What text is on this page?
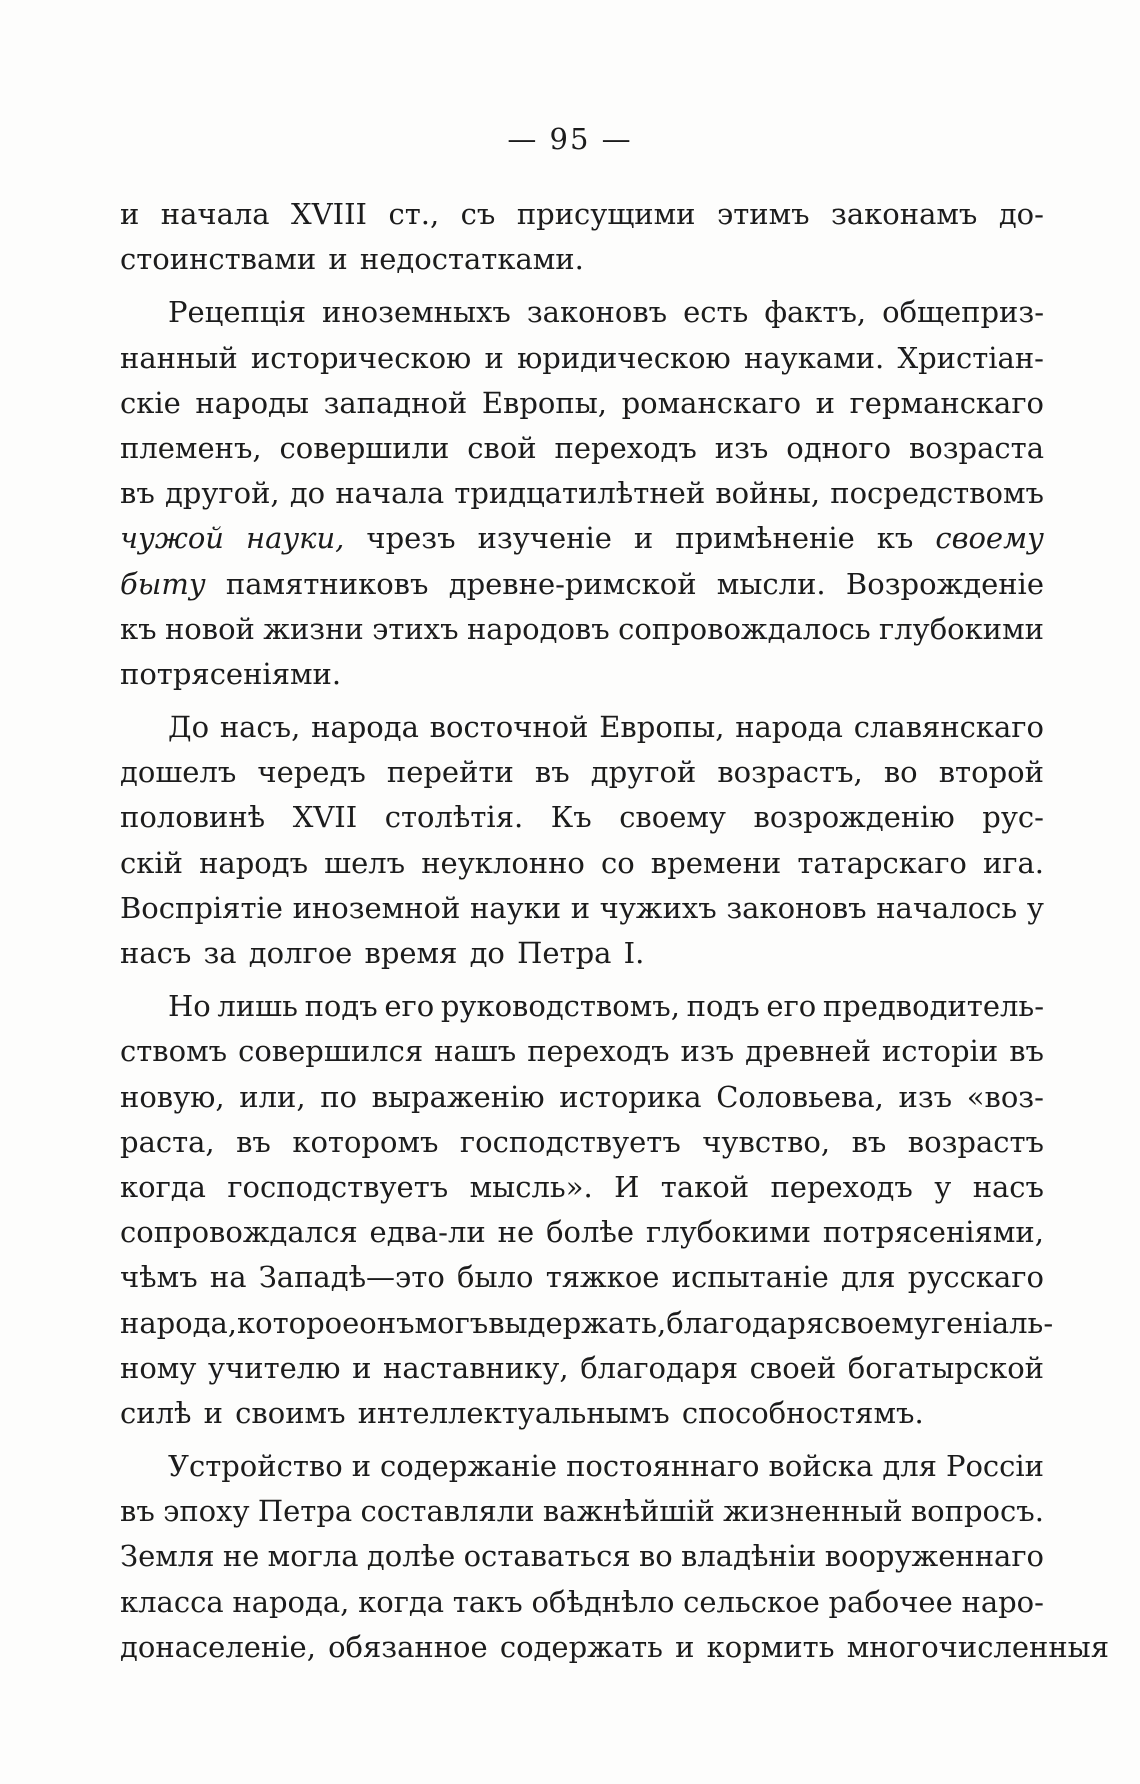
— 95 —
и начала XVIII ст., съ присущими этимъ законамъ до-
стоинствами и недостатками.
Рецепція иноземныхъ законовъ есть фактъ, общеприз-
нанный историческою и юридическою науками. Христіан-
скіе народы западной Европы, романскаго и германскаго
племенъ, совершили свой переходъ изъ одного возраста
въ другой, до начала тридцатилѣтней войны, посредствомъ
чужой науки, чрезъ изученіе и примѣненіе къ своему
быту памятниковъ древне-римской мысли. Возрожденіе
къ новой жизни этихъ народовъ сопровождалось глубокими
потрясеніями.
До насъ, народа восточной Европы, народа славянскаго
дошелъ чередъ перейти въ другой возрастъ, во второй
половинѣ XVII столѣтія. Къ своему возрожденію рус-
скій народъ шелъ неуклонно со времени татарскаго ига.
Воспріятіе иноземной науки и чужихъ законовъ началось у
насъ за долгое время до Петра I.
Но лишь подъ его руководствомъ, подъ его предводитель-
ствомъ совершился нашъ переходъ изъ древней исторіи въ
новую, или, по выраженію историка Соловьева, изъ «воз-
раста, въ которомъ господствуетъ чувство, въ возрастъ
когда господствуетъ мысль». И такой переходъ у насъ
сопровождался едва-ли не болѣе глубокими потрясеніями,
чѣмъ на Западѣ—это было тяжкое испытаніе для русскаго
народа, которое онъ могъ выдержать, благодаря своему геніаль-
ному учителю и наставнику, благодаря своей богатырской
силѣ и своимъ интеллектуальнымъ способностямъ.
Устройство и содержаніе постояннаго войска для Россіи
въ эпоху Петра составляли важнѣйшій жизненный вопросъ.
Земля не могла долѣе оставаться во владѣніи вооруженнаго
класса народа, когда такъ обѣднѣло сельское рабочее наро-
донаселеніе, обязанное содержать и кормить многочисленныя
